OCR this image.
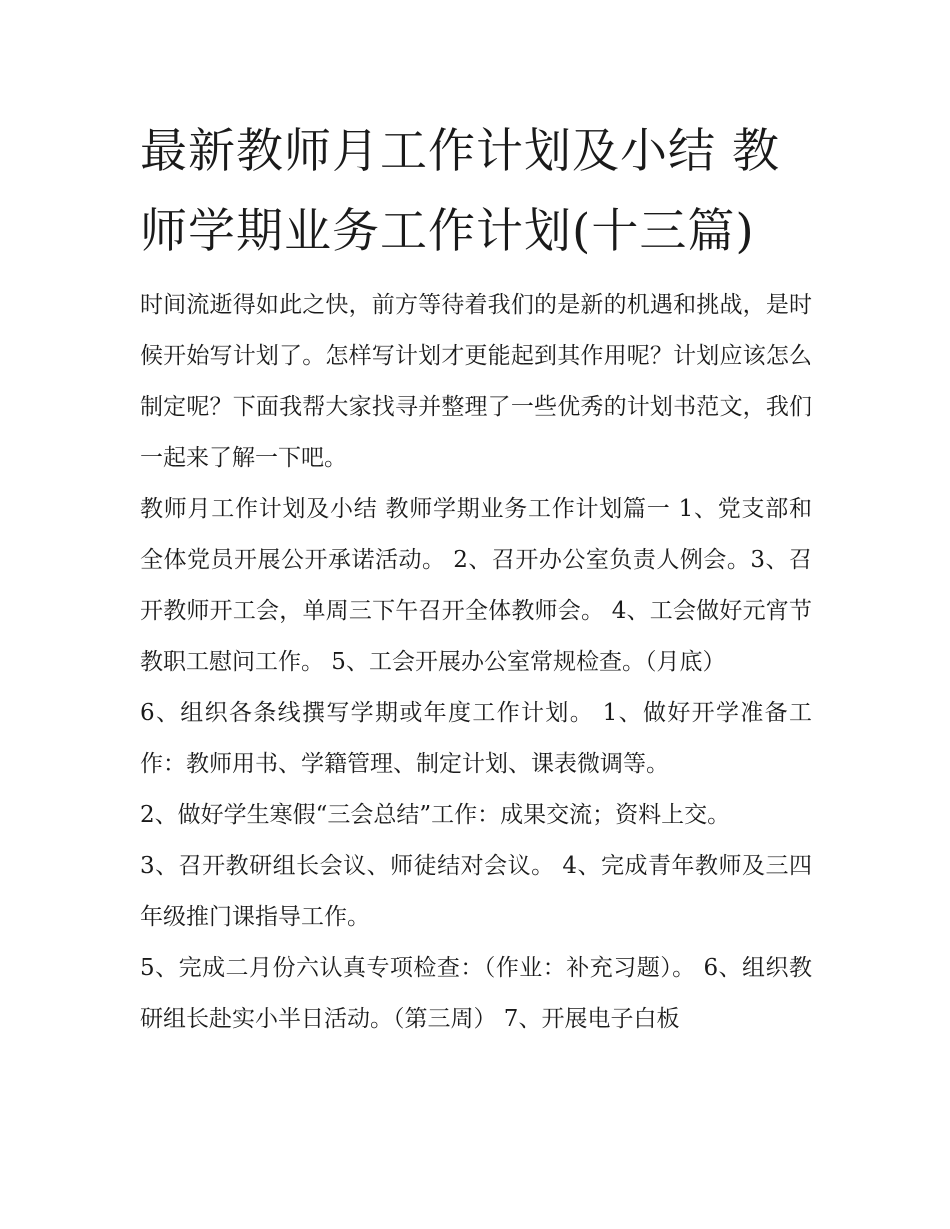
最新教师月工作计划及小结 教师学期业务工作计划(十三篇)

时间流逝得如此之快，前方等待着我们的是新的机遇和挑战，是时候开始写计划了。怎样写计划才更能起到其作用呢？计划应该怎么制定呢？下面我帮大家找寻并整理了一些优秀的计划书范文，我们一起来了解一下吧。

教师月工作计划及小结 教师学期业务工作计划篇一 1、党支部和全体党员开展公开承诺活动。 2、召开办公室负责人例会。3、召开教师开工会，单周三下午召开全体教师会。 4、工会做好元宵节教职工慰问工作。 5、工会开展办公室常规检查。（月底）

6、组织各条线撰写学期或年度工作计划。 1、做好开学准备工作：教师用书、学籍管理、制定计划、课表微调等。

2、做好学生寒假“三会总结”工作：成果交流；资料上交。

3、召开教研组长会议、师徒结对会议。 4、完成青年教师及三四年级推门课指导工作。

5、完成二月份六认真专项检查：（作业：补充习题）。 6、组织教研组长赴实小半日活动。（第三周） 7、开展电子白板
